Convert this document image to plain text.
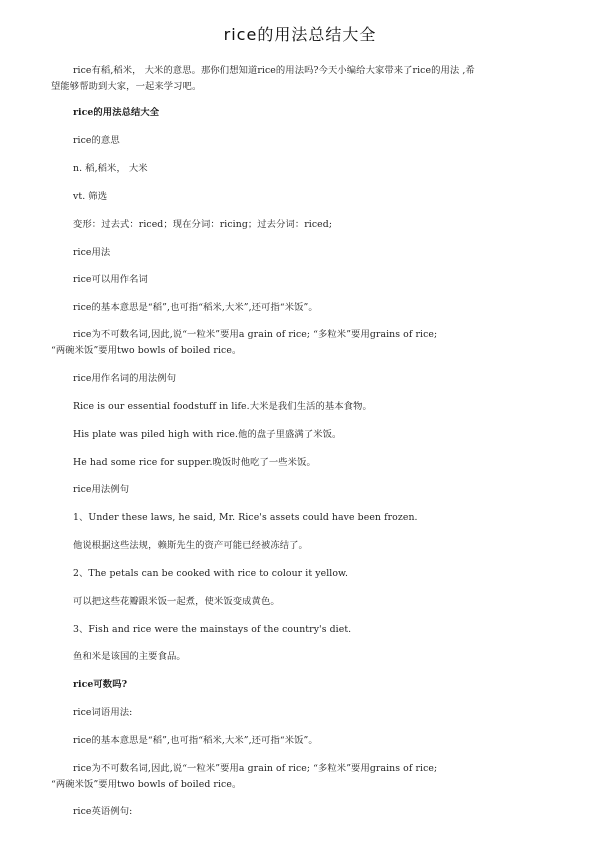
rice的用法总结大全
rice有稻,稻米， 大米的意思。那你们想知道rice的用法吗?今天小编给大家带来了rice的用法 ,希
望能够帮助到大家，一起来学习吧。
rice的用法总结大全
rice的意思
n. 稻,稻米， 大米
vt. 筛选
变形：过去式：riced；现在分词：ricing；过去分词：riced;
rice用法
rice可以用作名词
rice的基本意思是“稻”,也可指“稻米,大米”,还可指“米饭”。
rice为不可数名词,因此,说“一粒米”要用a grain of rice; “多粒米”要用grains of rice;
“两碗米饭”要用two bowls of boiled rice。
rice用作名词的用法例句
Rice is our essential foodstuff in life.大米是我们生活的基本食物。
His plate was piled high with rice.他的盘子里盛满了米饭。
He had some rice for supper.晚饭时他吃了一些米饭。
rice用法例句
1、Under these laws, he said, Mr. Rice's assets could have been frozen.
他说根据这些法规，赖斯先生的资产可能已经被冻结了。
2、The petals can be cooked with rice to colour it yellow.
可以把这些花瓣跟米饭一起煮，使米饭变成黄色。
3、Fish and rice were the mainstays of the country's diet.
鱼和米是该国的主要食品。
rice可数吗?
rice词语用法:
rice的基本意思是“稻”,也可指“稻米,大米”,还可指“米饭”。
rice为不可数名词,因此,说“一粒米”要用a grain of rice; “多粒米”要用grains of rice;
“两碗米饭”要用two bowls of boiled rice。
rice英语例句:
